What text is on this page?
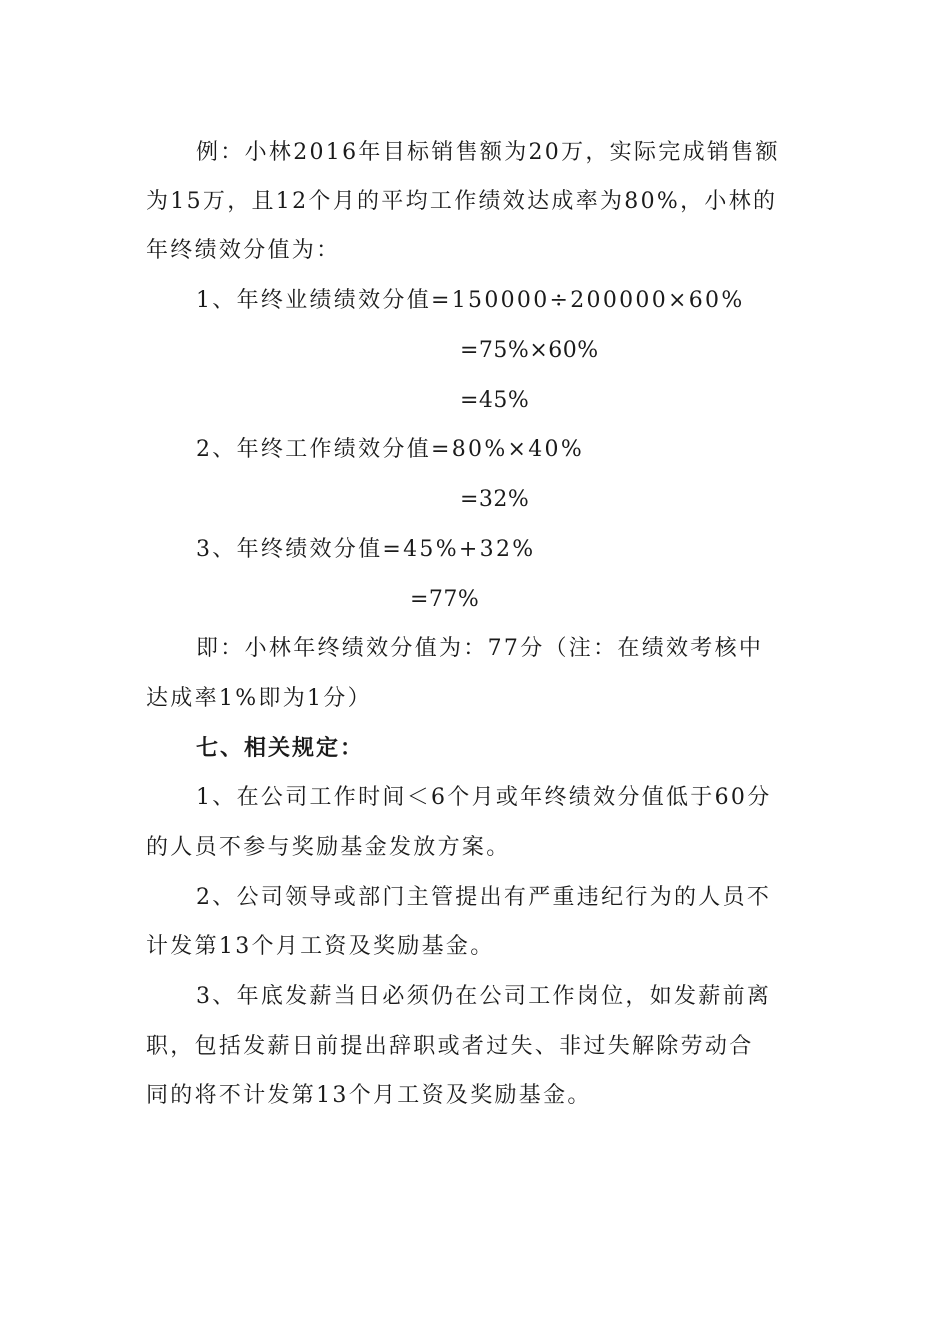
例：小林2016年目标销售额为20万，实际完成销售额
为15万，且12个月的平均工作绩效达成率为80%，小林的
年终绩效分值为：
1、年终业绩绩效分值=150000÷200000×60%
=75%×60%
=45%
2、年终工作绩效分值=80%×40%
=32%
3、年终绩效分值=45%+32%
=77%
即：小林年终绩效分值为：77分（注：在绩效考核中
达成率1%即为1分）
七、相关规定：
1、在公司工作时间＜6个月或年终绩效分值低于60分
的人员不参与奖励基金发放方案。
2、公司领导或部门主管提出有严重违纪行为的人员不
计发第13个月工资及奖励基金。
3、年底发薪当日必须仍在公司工作岗位，如发薪前离
职，包括发薪日前提出辞职或者过失、非过失解除劳动合
同的将不计发第13个月工资及奖励基金。
